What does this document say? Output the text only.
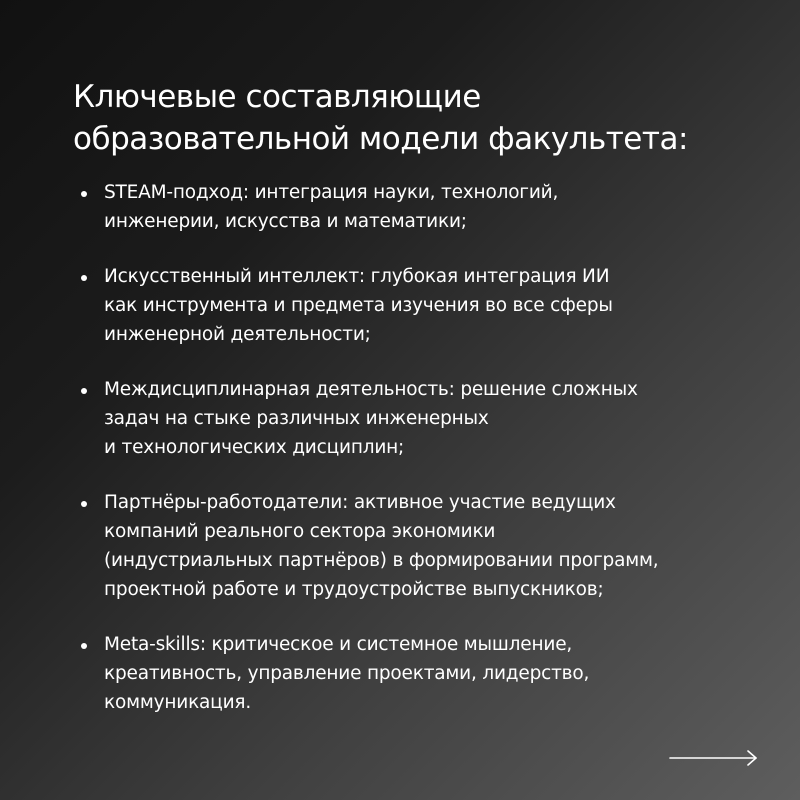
Ключевые составляющие
образовательной модели факультета:
STEAM-подход: интеграция науки, технологий,
инженерии, искусства и математики;
Искусственный интеллект: глубокая интеграция ИИ
как инструмента и предмета изучения во все сферы
инженерной деятельности;
Междисциплинарная деятельность: решение сложных
задач на стыке различных инженерных
и технологических дисциплин;
Партнёры-работодатели: активное участие ведущих
компаний реального сектора экономики
(индустриальных партнёров) в формировании программ,
проектной работе и трудоустройстве выпускников;
Meta-skills: критическое и системное мышление,
креативность, управление проектами, лидерство,
коммуникация.
